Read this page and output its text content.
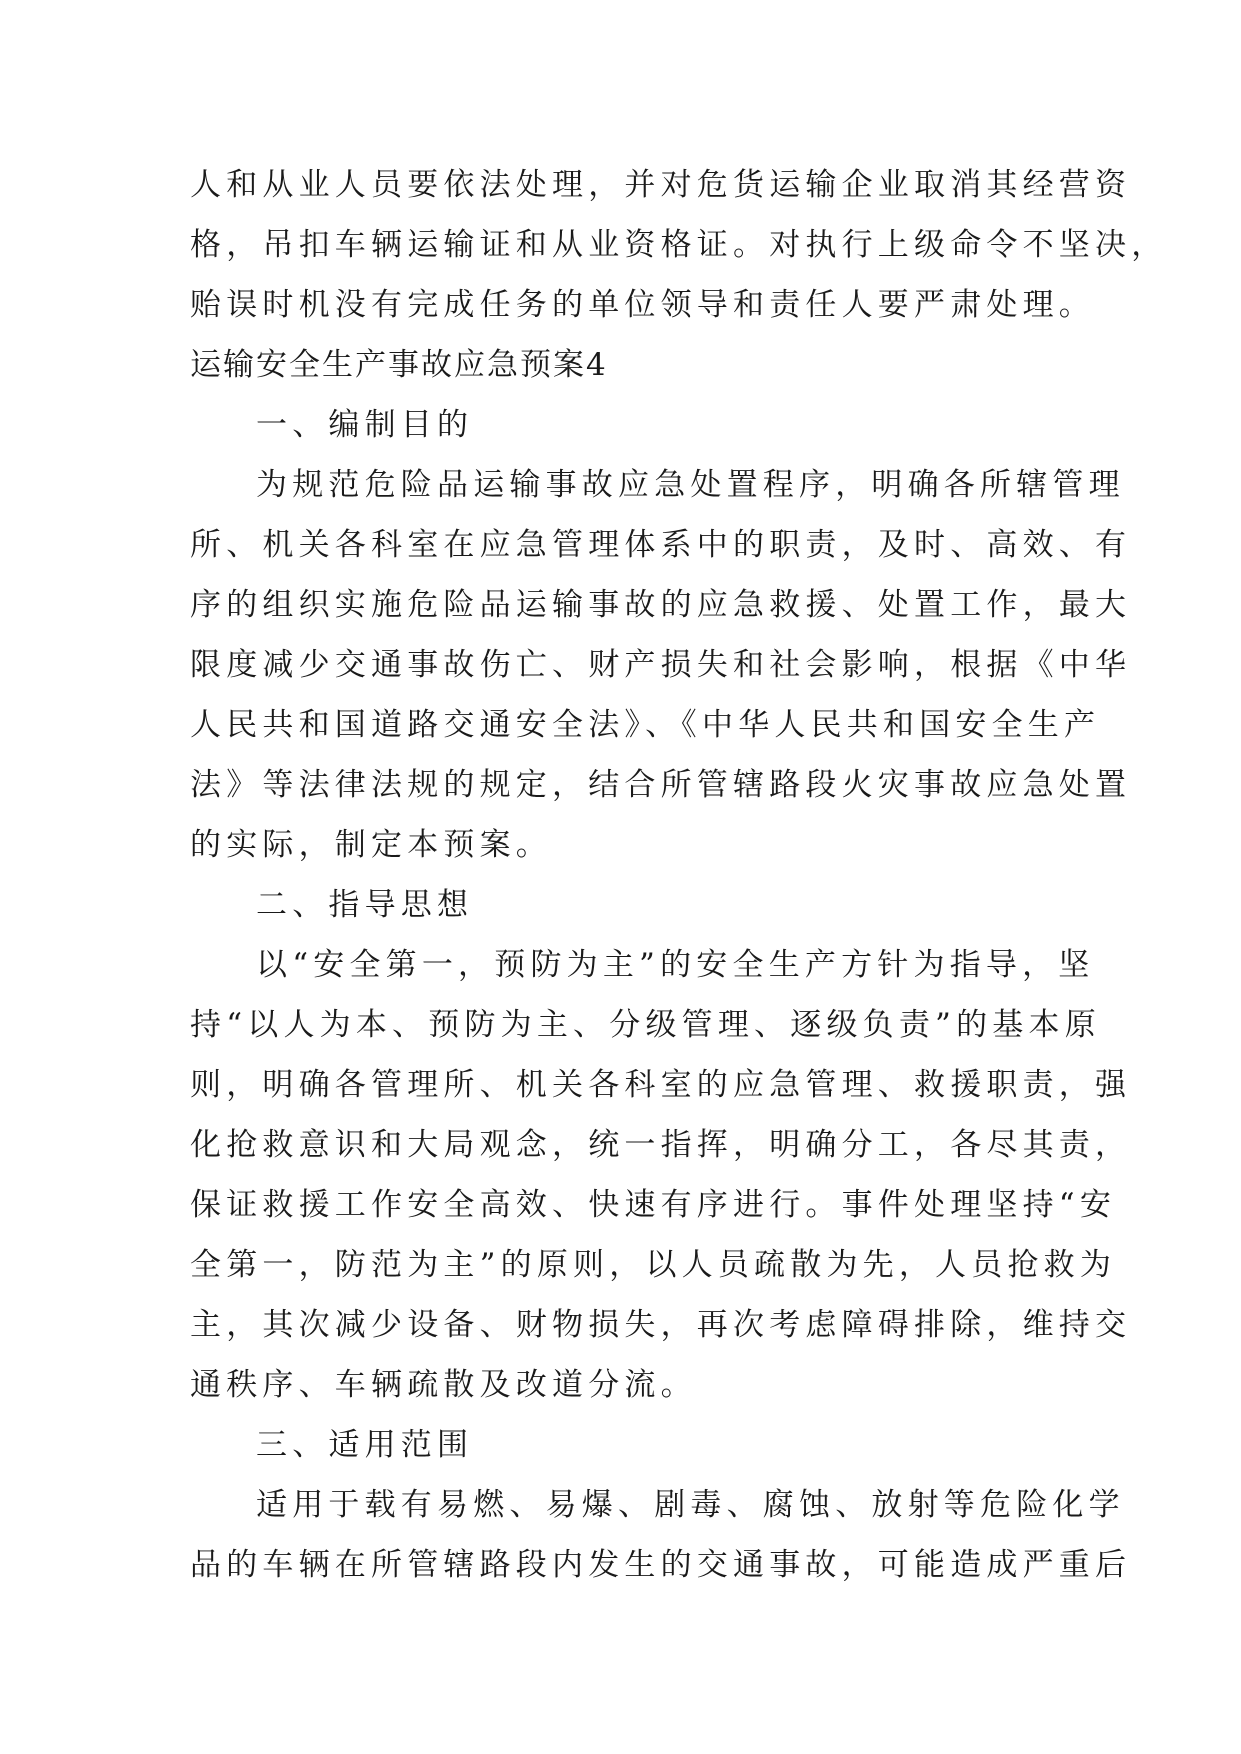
人和从业人员要依法处理，并对危货运输企业取消其经营资
格，吊扣车辆运输证和从业资格证。对执行上级命令不坚决，
贻误时机没有完成任务的单位领导和责任人要严肃处理。
运输安全生产事故应急预案4
一、编制目的
为规范危险品运输事故应急处置程序，明确各所辖管理
所、机关各科室在应急管理体系中的职责，及时、高效、有
序的组织实施危险品运输事故的应急救援、处置工作，最大
限度减少交通事故伤亡、财产损失和社会影响，根据《中华
人民共和国道路交通安全法》、《中华人民共和国安全生产
法》等法律法规的规定，结合所管辖路段火灾事故应急处置
的实际，制定本预案。
二、指导思想
以“安全第一，预防为主”的安全生产方针为指导，坚
持“以人为本、预防为主、分级管理、逐级负责”的基本原
则，明确各管理所、机关各科室的应急管理、救援职责，强
化抢救意识和大局观念，统一指挥，明确分工，各尽其责，
保证救援工作安全高效、快速有序进行。事件处理坚持“安
全第一，防范为主”的原则，以人员疏散为先，人员抢救为
主，其次减少设备、财物损失，再次考虑障碍排除，维持交
通秩序、车辆疏散及改道分流。
三、适用范围
适用于载有易燃、易爆、剧毒、腐蚀、放射等危险化学
品的车辆在所管辖路段内发生的交通事故，可能造成严重后
